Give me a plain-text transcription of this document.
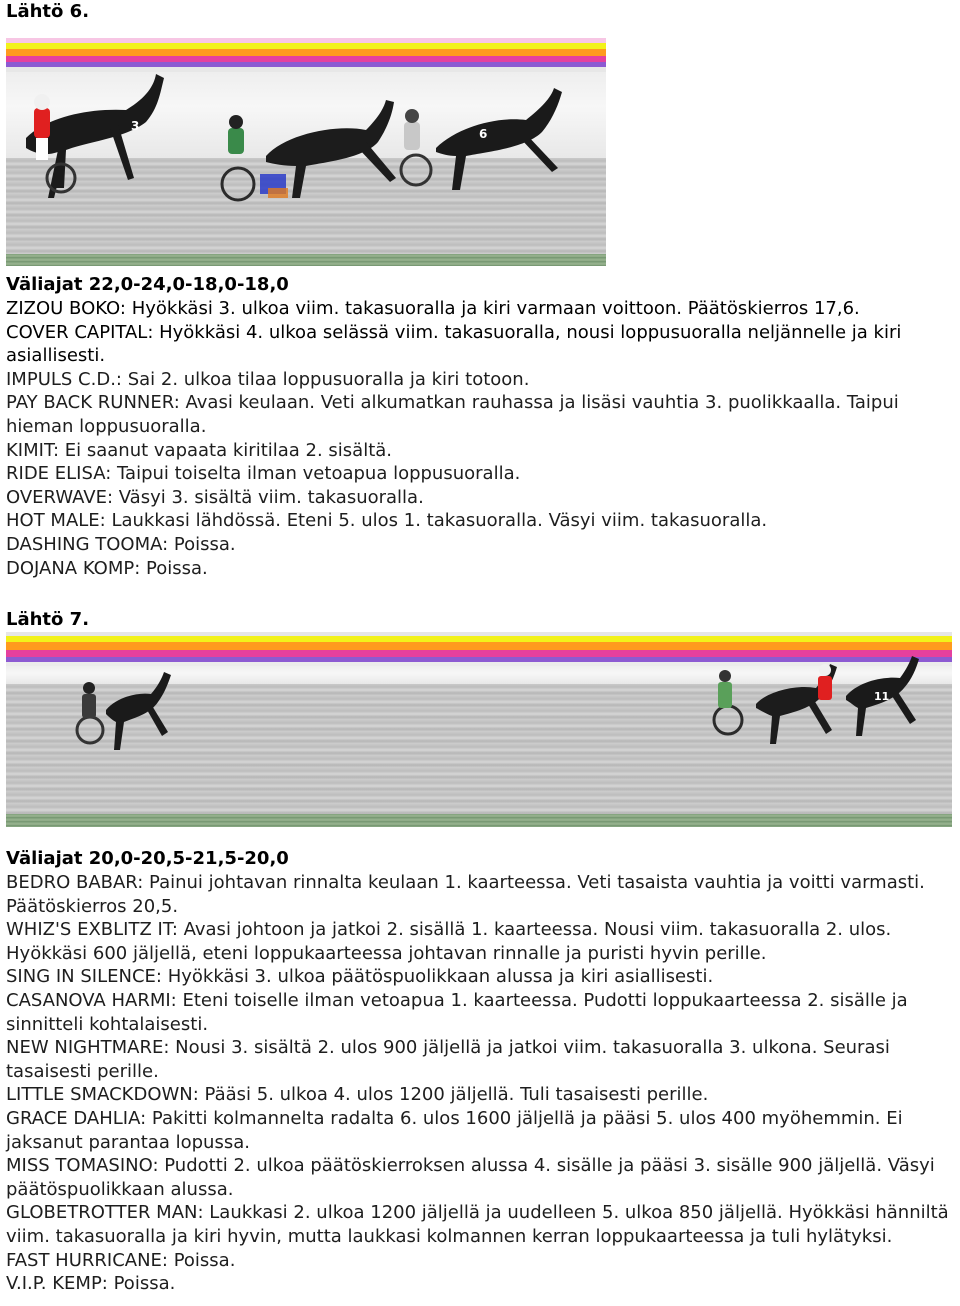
Lähtö 6.
3
6

Väliajat 22,0-24,0-18,0-18,0

ZIZOU BOKO: Hyökkäsi 3. ulkoa viim. takasuoralla ja kiri varmaan voittoon. Päätöskierros 17,6.
COVER CAPITAL: Hyökkäsi 4. ulkoa selässä viim. takasuoralla, nousi loppusuoralla neljännelle ja kiri asiallisesti.
IMPULS C.D.: Sai 2. ulkoa tilaa loppusuoralla ja kiri totoon.
PAY BACK RUNNER: Avasi keulaan. Veti alkumatkan rauhassa ja lisäsi vauhtia 3. puolikkaalla. Taipui hieman loppusuoralla.
KIMIT: Ei saanut vapaata kiritilaa 2. sisältä.
RIDE ELISA: Taipui toiselta ilman vetoapua loppusuoralla.
OVERWAVE: Väsyi 3. sisältä viim. takasuoralla.
HOT MALE: Laukkasi lähdössä. Eteni 5. ulos 1. takasuoralla. Väsyi viim. takasuoralla.
DASHING TOOMA: Poissa.
DOJANA KOMP: Poissa.
Lähtö 7.
11

Väliajat 20,0-20,5-21,5-20,0

BEDRO BABAR: Painui johtavan rinnalta keulaan 1. kaarteessa. Veti tasaista vauhtia ja voitti varmasti. Päätöskierros 20,5.
WHIZ'S EXBLITZ IT: Avasi johtoon ja jatkoi 2. sisällä 1. kaarteessa. Nousi viim. takasuoralla 2. ulos. Hyökkäsi 600 jäljellä, eteni loppukaarteessa johtavan rinnalle ja puristi hyvin perille.
SING IN SILENCE: Hyökkäsi 3. ulkoa päätöspuolikkaan alussa ja kiri asiallisesti.
CASANOVA HARMI: Eteni toiselle ilman vetoapua 1. kaarteessa. Pudotti loppukaarteessa 2. sisälle ja sinnitteli kohtalaisesti.
NEW NIGHTMARE: Nousi 3. sisältä 2. ulos 900 jäljellä ja jatkoi viim. takasuoralla 3. ulkona. Seurasi tasaisesti perille.
LITTLE SMACKDOWN: Pääsi 5. ulkoa 4. ulos 1200 jäljellä. Tuli tasaisesti perille.
GRACE DAHLIA: Pakitti kolmannelta radalta 6. ulos 1600 jäljellä ja pääsi 5. ulos 400 myöhemmin. Ei jaksanut parantaa lopussa.
MISS TOMASINO: Pudotti 2. ulkoa päätöskierroksen alussa 4. sisälle ja pääsi 3. sisälle 900 jäljellä. Väsyi päätöspuolikkaan alussa.
GLOBETROTTER MAN: Laukkasi 2. ulkoa 1200 jäljellä ja uudelleen 5. ulkoa 850 jäljellä. Hyökkäsi hänniltä viim. takasuoralla ja kiri hyvin, mutta laukkasi kolmannen kerran loppukaarteessa ja tuli hylätyksi.
FAST HURRICANE: Poissa.
V.I.P. KEMP: Poissa.
